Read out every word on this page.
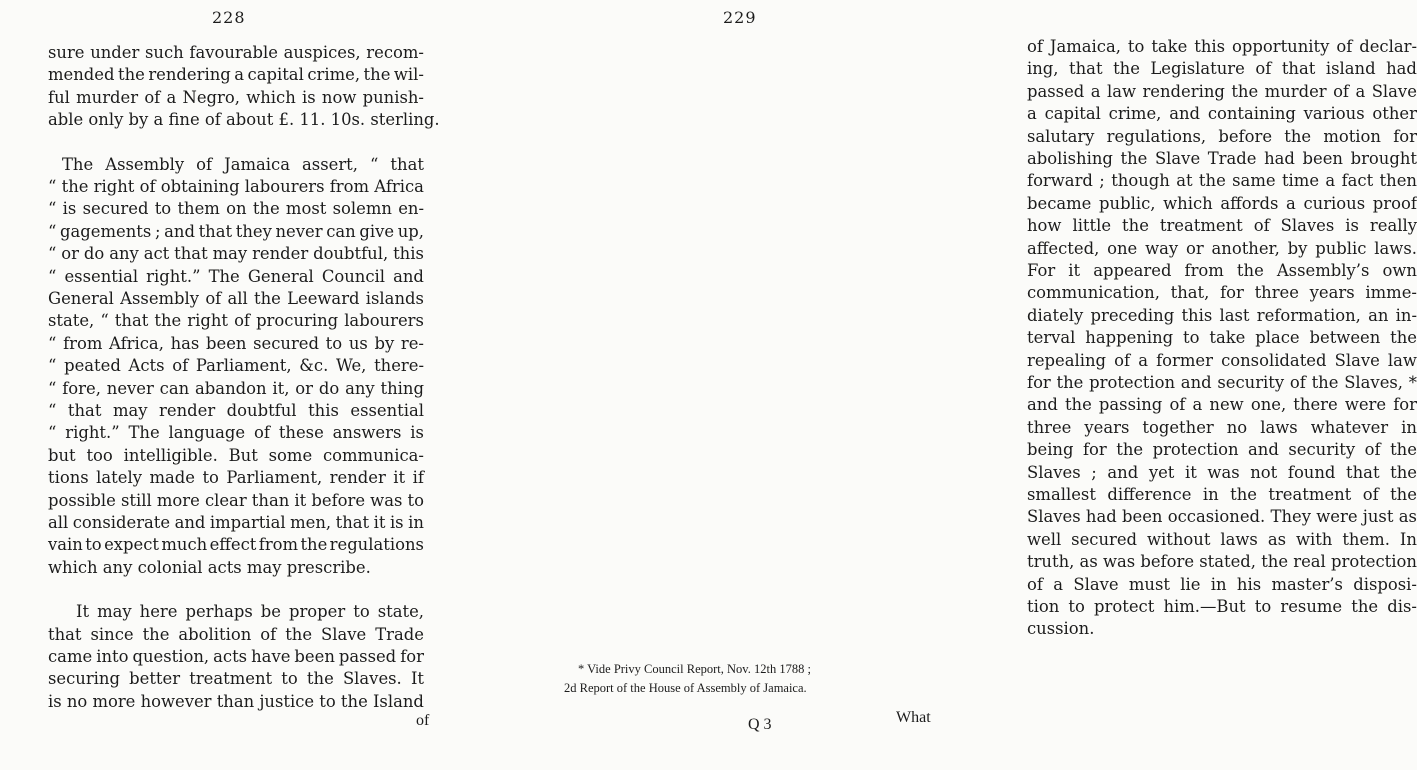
228
sure under such favourable auspices, recom-
mended the rendering a capital crime, the wil-
ful murder of a Negro, which is now punish-
able only by a fine of about £. 11. 10s. sterling.
The Assembly of Jamaica assert, “ that
“ the right of obtaining labourers from Africa
“ is secured to them on the most solemn en-
“ gagements ; and that they never can give up,
“ or do any act that may render doubtful, this
“ essential right.” The General Council and
General Assembly of all the Leeward islands
state, “ that the right of procuring labourers
“ from Africa, has been secured to us by re-
“ peated Acts of Parliament, &c. We, there-
“ fore, never can abandon it, or do any thing
“ that may render doubtful this essential
“ right.” The language of these answers is
but too intelligible. But some communica-
tions lately made to Parliament, render it if
possible still more clear than it before was to
all considerate and impartial men, that it is in
vain to expect much effect from the regulations
which any colonial acts may prescribe.
It may here perhaps be proper to state,
that since the abolition of the Slave Trade
came into question, acts have been passed for
securing better treatment to the Slaves. It
is no more however than justice to the Island
of
229
of Jamaica, to take this opportunity of declar-
ing, that the Legislature of that island had
passed a law rendering the murder of a Slave
a capital crime, and containing various other
salutary regulations, before the motion for
abolishing the Slave Trade had been brought
forward ; though at the same time a fact then
became public, which affords a curious proof
how little the treatment of Slaves is really
affected, one way or another, by public laws.
For it appeared from the Assembly’s own
communication, that, for three years imme-
diately preceding this last reformation, an in-
terval happening to take place between the
repealing of a former consolidated Slave law
for the protection and security of the Slaves, *
and the passing of a new one, there were for
three years together no laws whatever in
being for the protection and security of the
Slaves ; and yet it was not found that the
smallest difference in the treatment of the
Slaves had been occasioned. They were just as
well secured without laws as with them. In
truth, as was before stated, the real protection
of a Slave must lie in his master’s disposi-
tion to protect him.—But to resume the dis-
cussion.
* Vide Privy Council Report, Nov. 12th 1788 ;
2d Report of the House of Assembly of Jamaica.
Q 3	What
